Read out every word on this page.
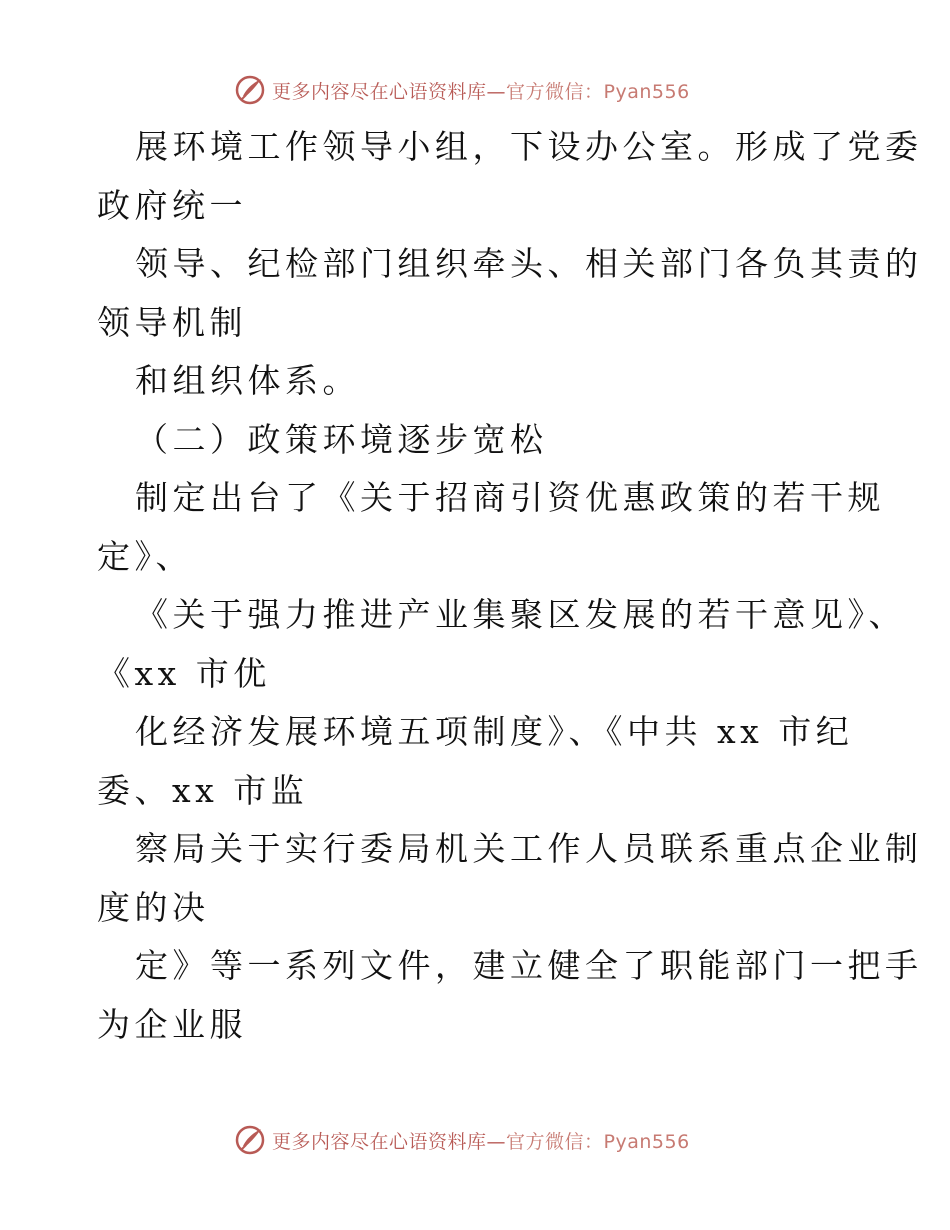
更多内容尽在心语资料库—官方微信：Pyan556
展环境工作领导小组，下设办公室。形成了党委
政府统一
领导、纪检部门组织牵头、相关部门各负其责的
领导机制
和组织体系。
（二）政策环境逐步宽松
制定出台了《关于招商引资优惠政策的若干规
定》、
《关于强力推进产业集聚区发展的若干意见》、
《xx 市优
化经济发展环境五项制度》、《中共 xx 市纪
委、xx 市监
察局关于实行委局机关工作人员联系重点企业制
度的决
定》等一系列文件，建立健全了职能部门一把手
为企业服
更多内容尽在心语资料库—官方微信：Pyan556
